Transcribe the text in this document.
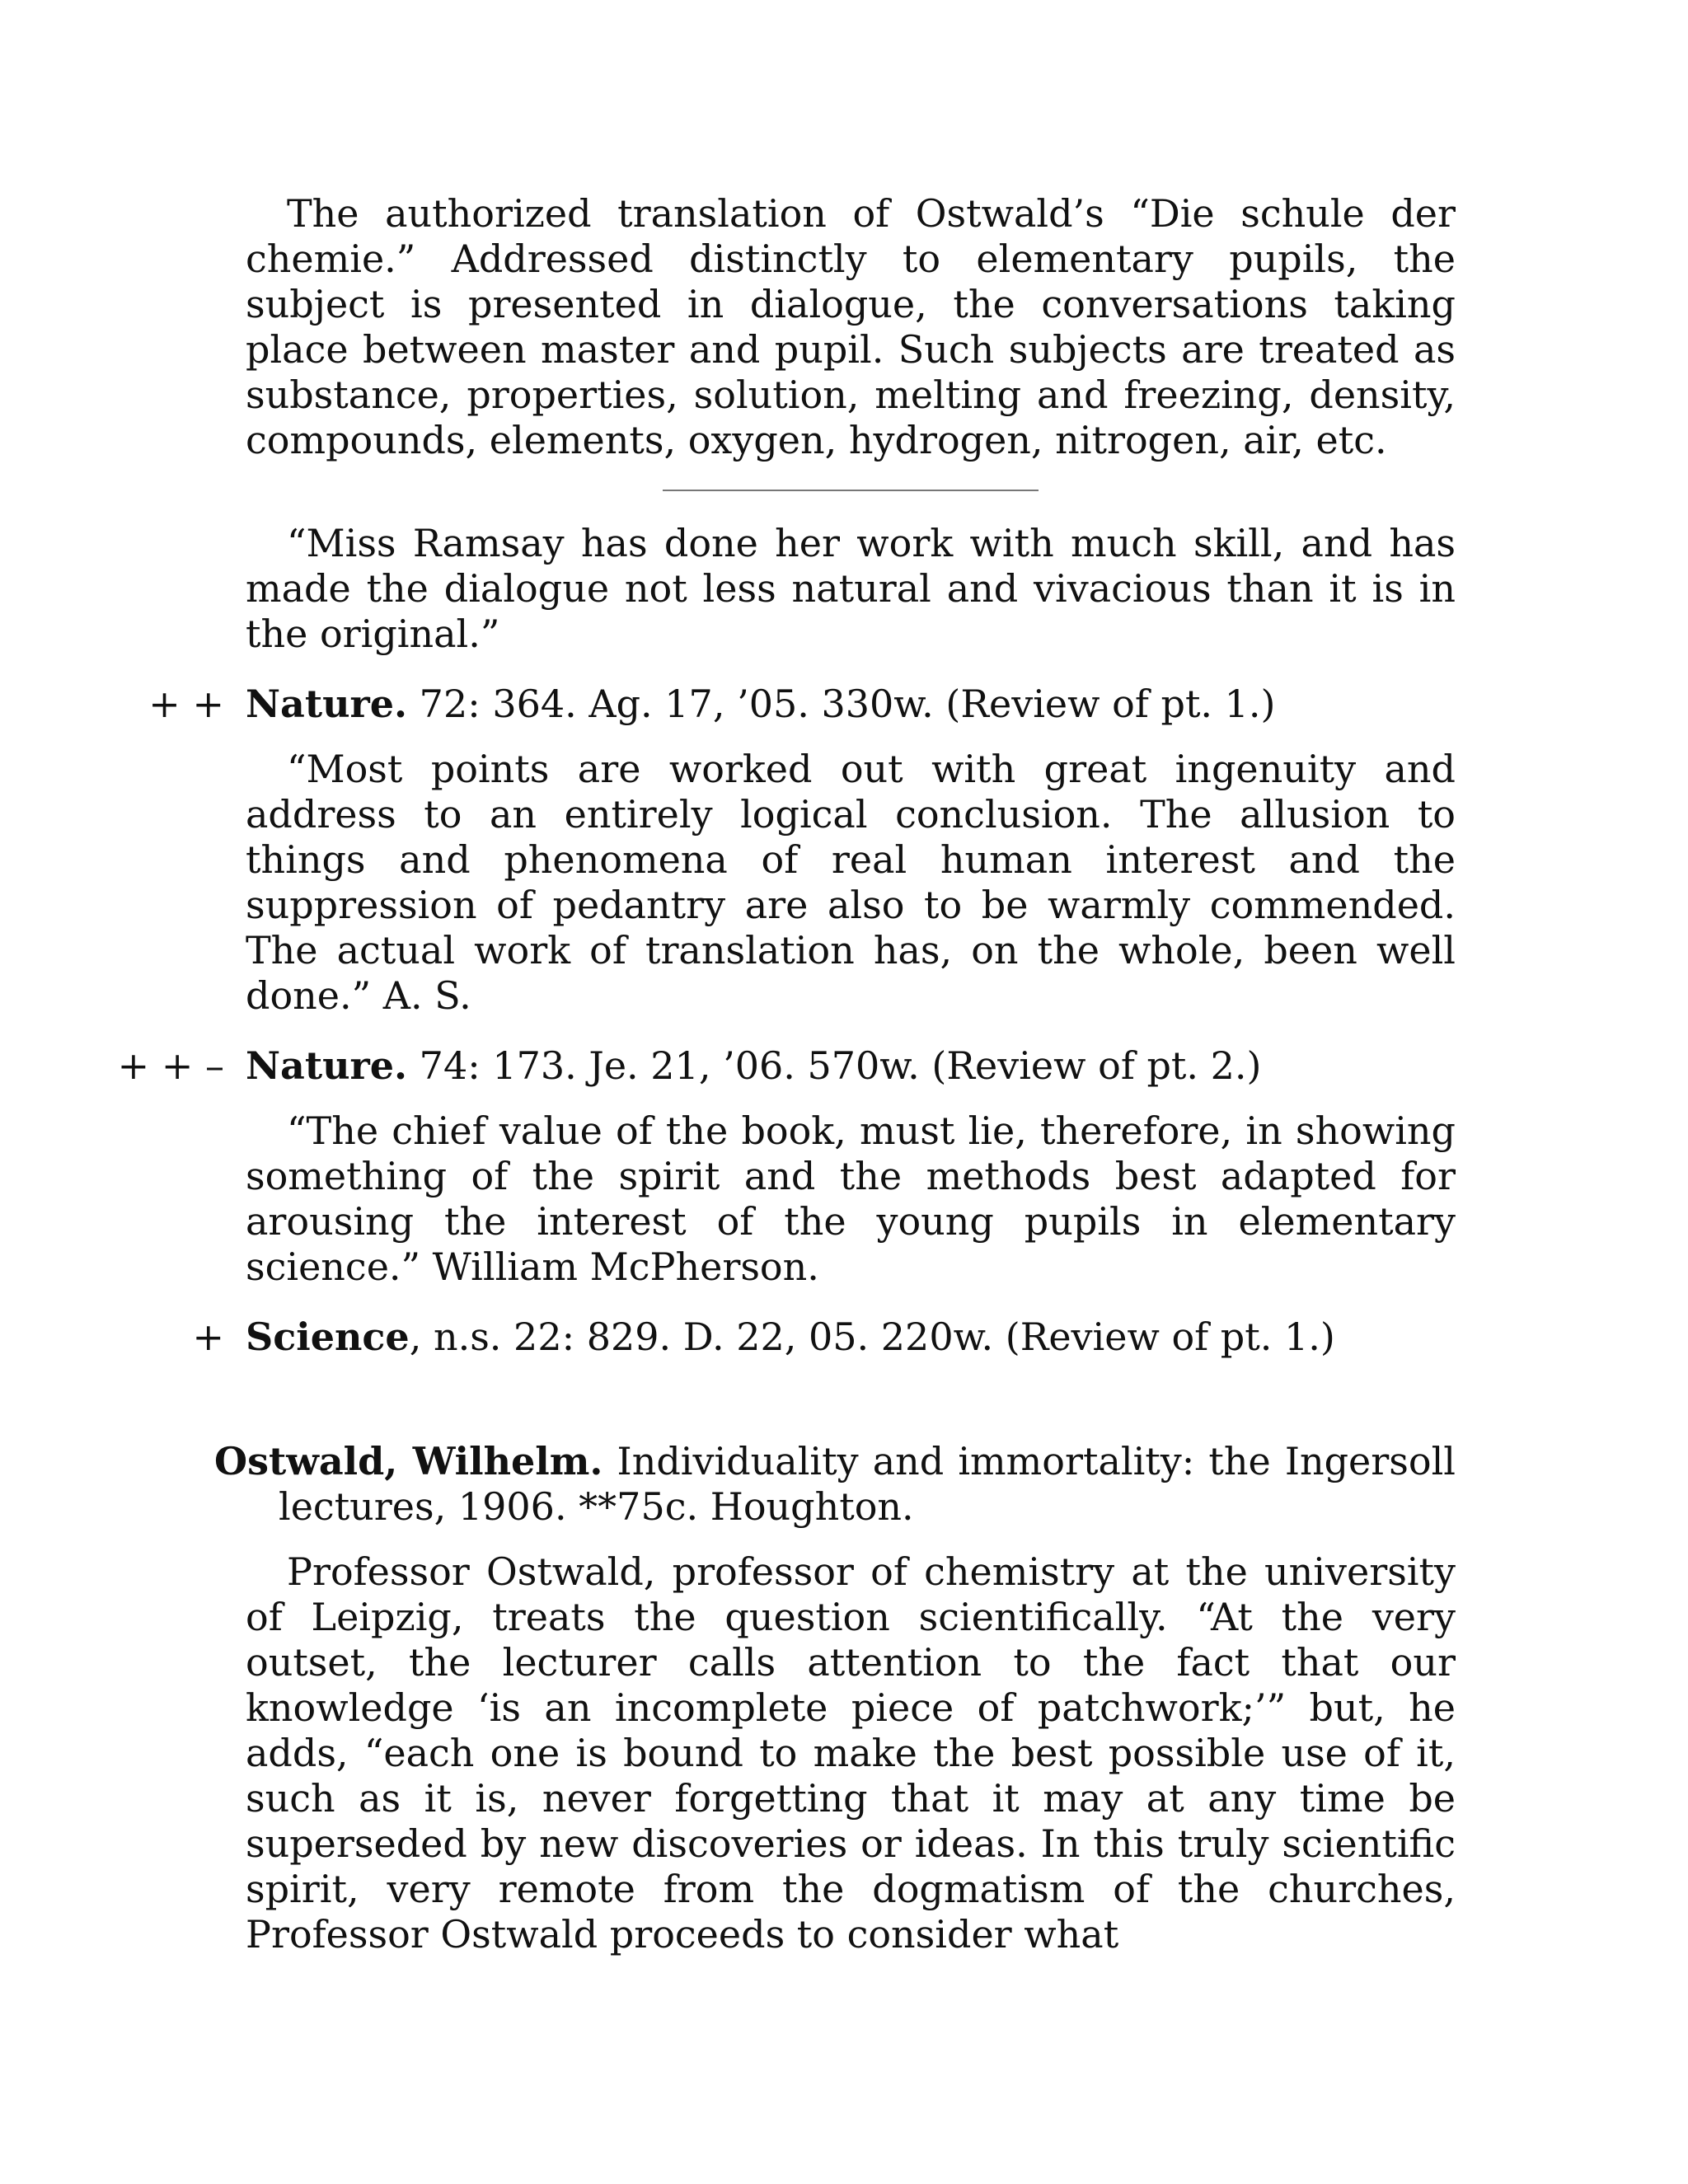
The authorized translation of Ostwald’s “Die schule der chemie.” Addressed distinctly to elementary pupils, the subject is presented in dialogue, the conversations taking place between master and pupil. Such subjects are treated as substance, properties, solution, melting and freezing, density, compounds, elements, oxygen, hydrogen, nitrogen, air, etc.

“Miss Ramsay has done her work with much skill, and has made the dialogue not less natural and vivacious than it is in the original.”

+ + Nature. 72: 364. Ag. 17, ’05. 330w. (Review of pt. 1.)

“Most points are worked out with great ingenuity and address to an entirely logical conclusion. The allusion to things and phenomena of real human interest and the suppression of pedantry are also to be warmly commended. The actual work of translation has, on the whole, been well done.” A. S.

+ + – Nature. 74: 173. Je. 21, ’06. 570w. (Review of pt. 2.)

“The chief value of the book, must lie, therefore, in showing something of the spirit and the methods best adapted for arousing the interest of the young pupils in elementary science.” William McPherson.

+ Science, n.s. 22: 829. D. 22, 05. 220w. (Review of pt. 1.)

Ostwald, Wilhelm. Individuality and immortality: the Ingersoll lectures, 1906. **75c. Houghton.

Professor Ostwald, professor of chemistry at the university of Leipzig, treats the question scientifically. “At the very outset, the lecturer calls attention to the fact that our knowledge ‘is an incomplete piece of patchwork;’” but, he adds, “each one is bound to make the best possible use of it, such as it is, never forgetting that it may at any time be superseded by new discoveries or ideas. In this truly scientific spirit, very remote from the dogmatism of the churches, Professor Ostwald proceeds to consider what
